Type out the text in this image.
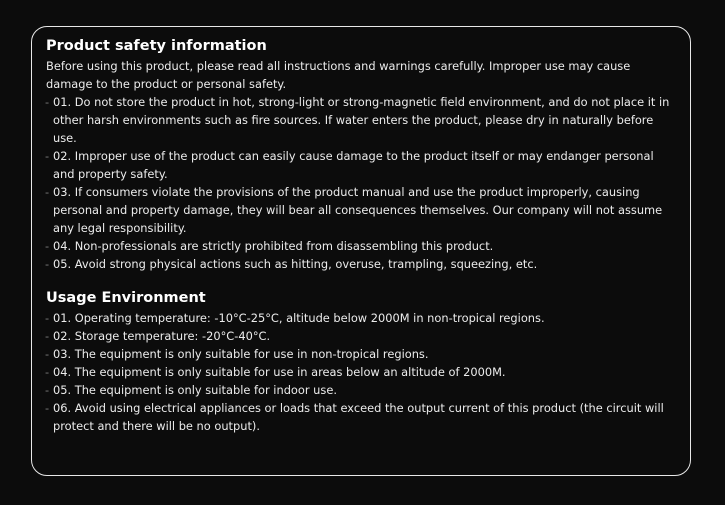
Product safety information

Before using this product, please read all instructions and warnings carefully. Improper use may cause damage to the product or personal safety.

- 01. Do not store the product in hot, strong-light or strong-magnetic field environment, and do not place it in other harsh environments such as fire sources. If water enters the product, please dry in naturally before use.
- 02. Improper use of the product can easily cause damage to the product itself or may endanger personal and property safety.
- 03. If consumers violate the provisions of the product manual and use the product improperly, causing personal and property damage, they will bear all consequences themselves. Our company will not assume any legal responsibility.
- 04. Non-professionals are strictly prohibited from disassembling this product.
- 05. Avoid strong physical actions such as hitting, overuse, trampling, squeezing, etc.
Usage Environment
- 01. Operating temperature: -10°C-25°C, altitude below 2000M in non-tropical regions.
- 02. Storage temperature: -20°C-40°C.
- 03. The equipment is only suitable for use in non-tropical regions.
- 04. The equipment is only suitable for use in areas below an altitude of 2000M.
- 05. The equipment is only suitable for indoor use.
- 06. Avoid using electrical appliances or loads that exceed the output current of this product (the circuit will protect and there will be no output).
